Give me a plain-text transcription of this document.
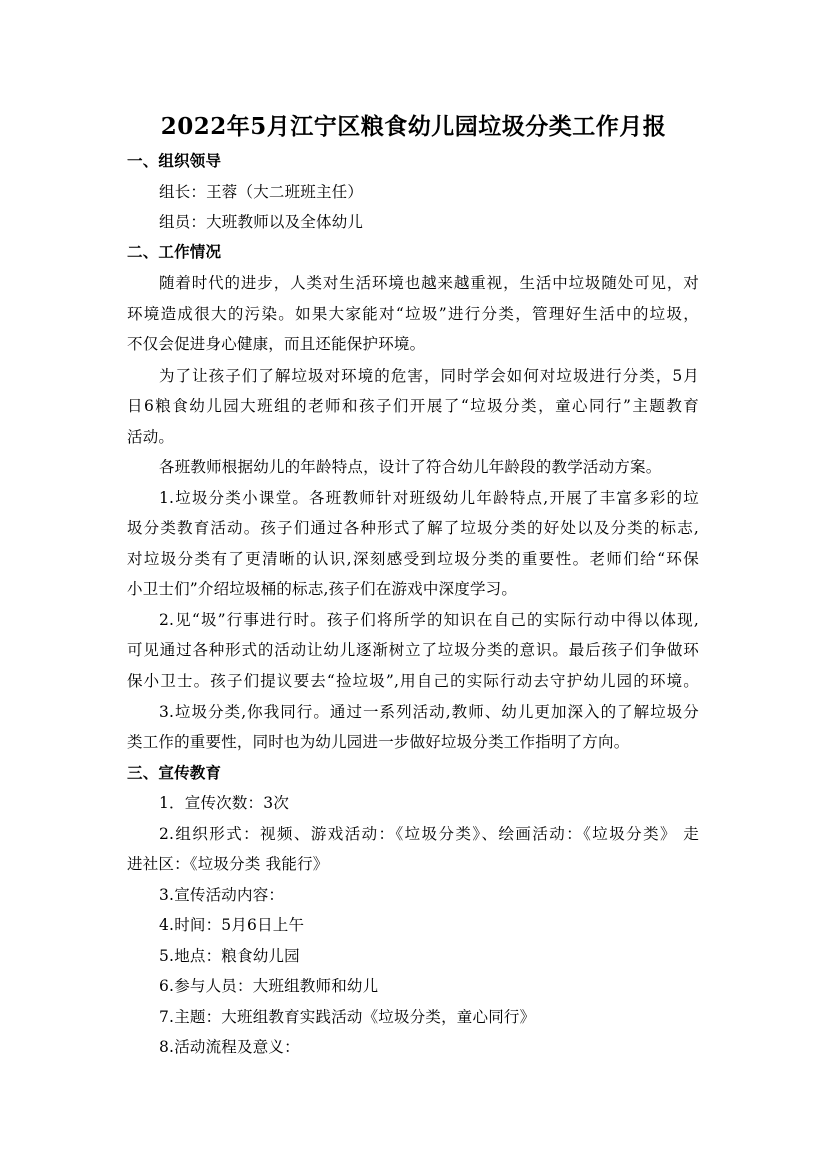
2022年5月江宁区粮食幼儿园垃圾分类工作月报
一、组织领导
组长：王蓉（大二班班主任）
组员：大班教师以及全体幼儿
二、工作情况
随着时代的进步，人类对生活环境也越来越重视，生活中垃圾随处可见，对
环境造成很大的污染。如果大家能对“垃圾”进行分类，管理好生活中的垃圾，
不仅会促进身心健康，而且还能保护环境。
为了让孩子们了解垃圾对环境的危害，同时学会如何对垃圾进行分类，5月
日6粮食幼儿园大班组的老师和孩子们开展了“垃圾分类，童心同行”主题教育
活动。
各班教师根据幼儿的年龄特点，设计了符合幼儿年龄段的教学活动方案。
1.垃圾分类小课堂。各班教师针对班级幼儿年龄特点,开展了丰富多彩的垃
圾分类教育活动。孩子们通过各种形式了解了垃圾分类的好处以及分类的标志,
对垃圾分类有了更清晰的认识,深刻感受到垃圾分类的重要性。老师们给“环保
小卫士们”介绍垃圾桶的标志,孩子们在游戏中深度学习。
2.见“圾”行事进行时。孩子们将所学的知识在自己的实际行动中得以体现,
可见通过各种形式的活动让幼儿逐渐树立了垃圾分类的意识。最后孩子们争做环
保小卫士。孩子们提议要去“捡垃圾”,用自己的实际行动去守护幼儿园的环境。
3.垃圾分类,你我同行。通过一系列活动,教师、幼儿更加深入的了解垃圾分
类工作的重要性，同时也为幼儿园进一步做好垃圾分类工作指明了方向。
三、宣传教育
1．宣传次数：3次
2.组织形式：视频、游戏活动：《垃圾分类》、绘画活动：《垃圾分类》 走
进社区：《垃圾分类 我能行》
3.宣传活动内容：
4.时间：5月6日上午
5.地点：粮食幼儿园
6.参与人员：大班组教师和幼儿
7.主题：大班组教育实践活动《垃圾分类，童心同行》
8.活动流程及意义：
